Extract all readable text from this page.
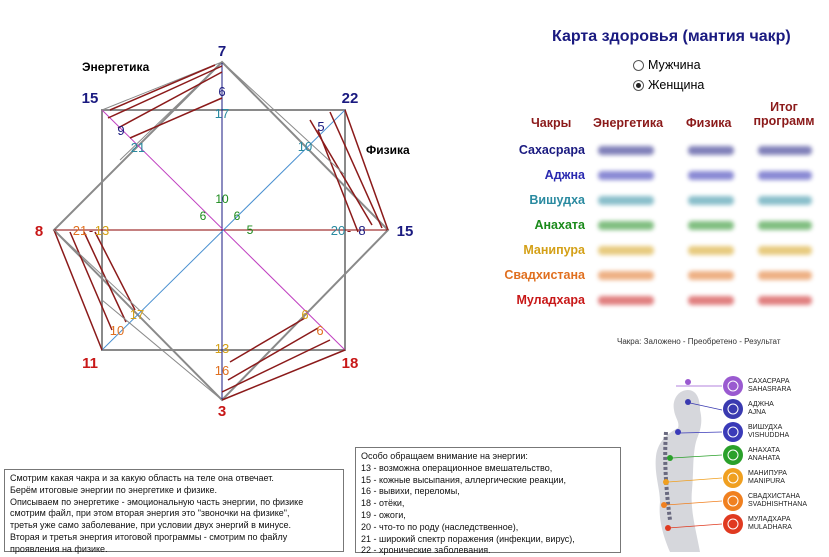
7
22
15
18
3
11
8
15
Энергетика
Физика
6
17
9
21
5
10
21 - 13	20 - 8
10
6 6
5
17
10
6
6
13
16
Карта здоровья (мантия чакр)
Мужчина
Женщина
Чакры Энергетика Физика
Итог
программ
Сахасрара
Аджна
Вишудха
Анахата
Манипура
Свадхистана
Муладхара
Чакра: Заложено - Преобретено - Результат
Смотрим какая чакра и за какую область на теле она отвечает.
Берём итоговые энергии по энергетике и физике.
Описываем по энергетике - эмоциональную часть энергии, по физике
смотрим файл, при этом вторая энергия это "звоночки на физике",
третья уже само заболевание, при условии двух энергий в минусе.
Вторая и третья энергия итоговой программы - смотрим по файлу
проявления на физике.
Особо обращаем внимание на энергии:
13 - возможна операционное вмешательство,
15 - кожные высыпания, аллергические реакции,
16 - вывихи, переломы,
18 - отёки,
19 - ожоги,
20 - что-то по роду (наследственное),
21 - широкий спектр поражения (инфекции, вирус),
22 - хронические заболевания.
САХАСРАРА
SAHASRARA
АДЖНА
AJNA
ВИШУДХА
VISHUDDHA
АНАХАТА
ANAHATA
МАНИПУРА
MANIPURA
СВАДХИСТАНА
SVADHISHTHANA
МУЛАДХАРА
MULADHARA
